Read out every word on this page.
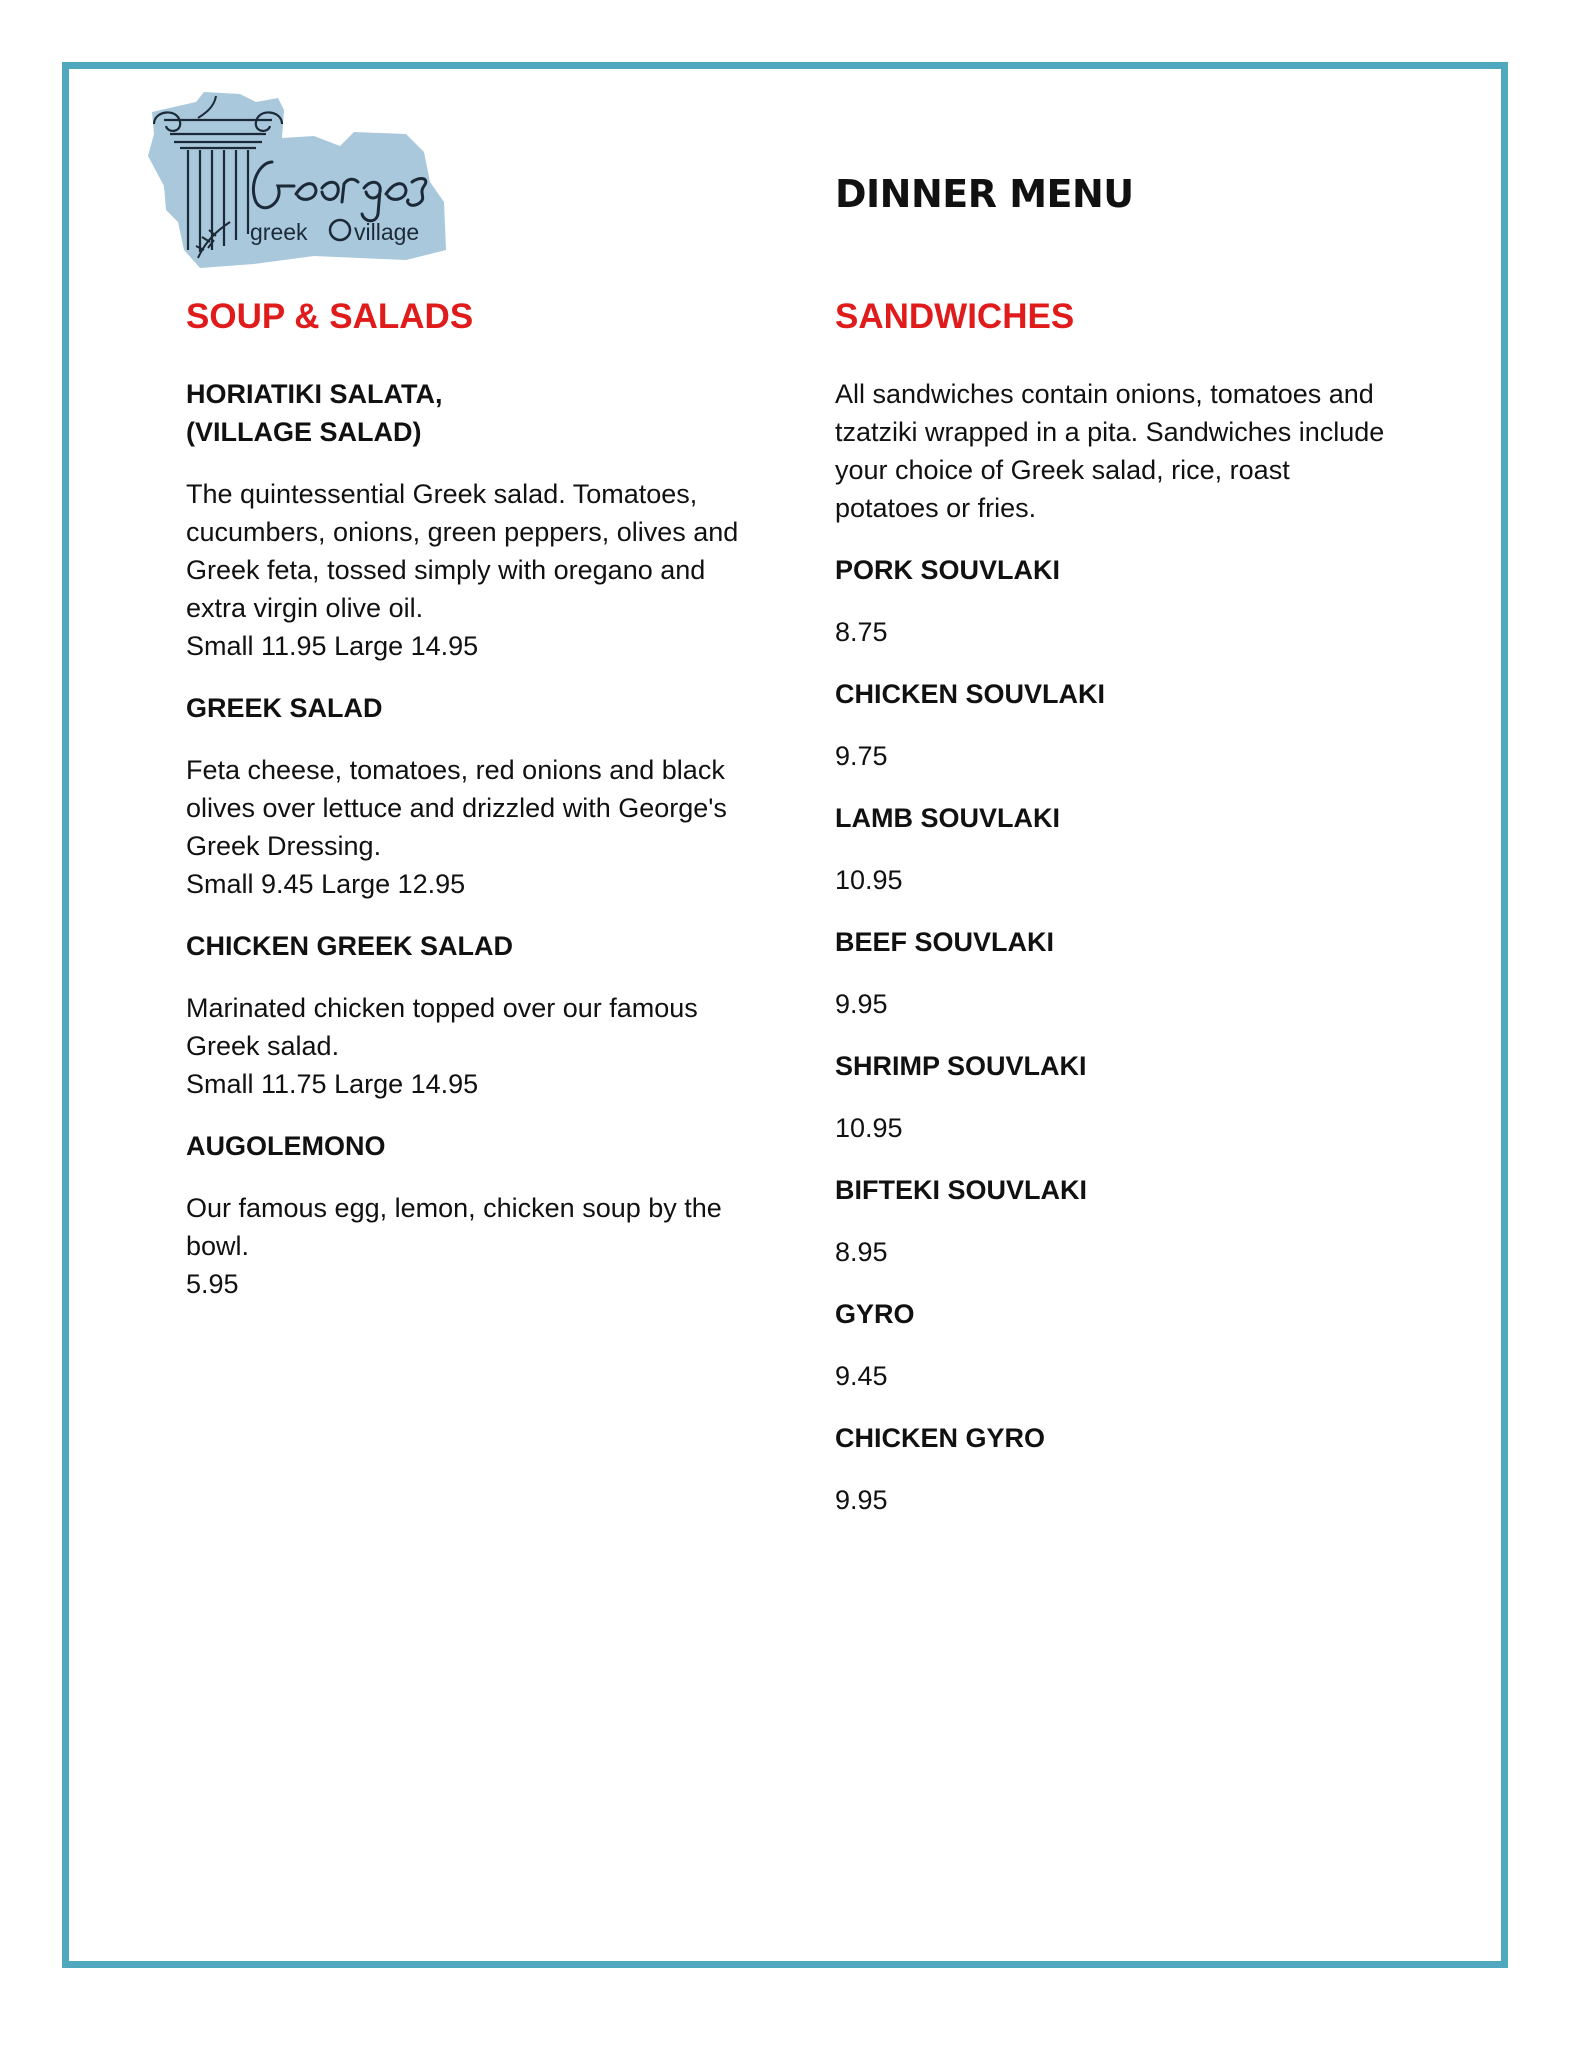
greek village
DINNER MENU
SOUP & SALADS

HORIATIKI SALATA,
(VILLAGE SALAD)

The quintessential Greek salad. Tomatoes, cucumbers, onions, green peppers, olives and Greek feta, tossed simply with oregano and extra virgin olive oil.

Small 11.95 Large 14.95

GREEK SALAD

Feta cheese, tomatoes, red onions and black olives over lettuce and drizzled with George's Greek Dressing.

Small 9.45 Large 12.95

CHICKEN GREEK SALAD

Marinated chicken topped over our famous Greek salad.

Small 11.75 Large 14.95

AUGOLEMONO

Our famous egg, lemon, chicken soup by the bowl.

5.95

SANDWICHES

All sandwiches contain onions, tomatoes and tzatziki wrapped in a pita. Sandwiches include your choice of Greek salad, rice, roast potatoes or fries.

PORK SOUVLAKI

8.75

CHICKEN SOUVLAKI

9.75

LAMB SOUVLAKI

10.95

BEEF SOUVLAKI

9.95

SHRIMP SOUVLAKI

10.95

BIFTEKI SOUVLAKI

8.95

GYRO

9.45

CHICKEN GYRO

9.95
